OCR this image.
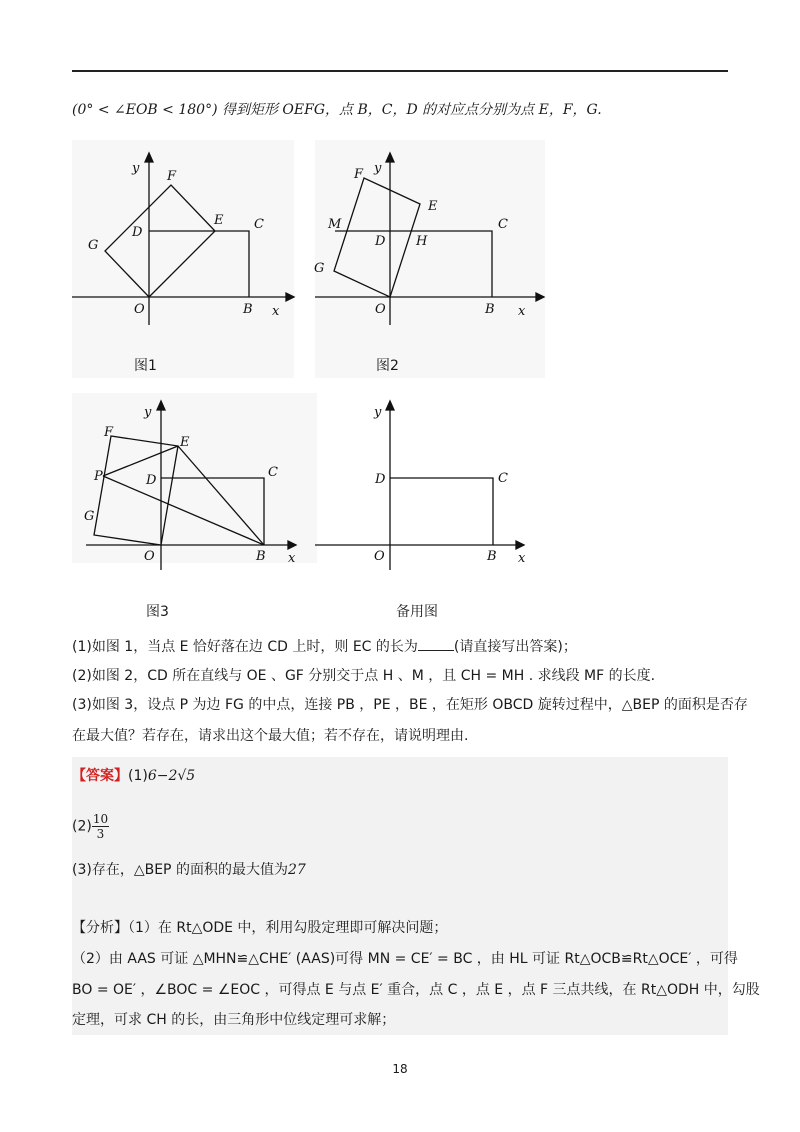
(0° < ∠EOB < 180°) 得到矩形 OEFG，点 B，C，D 的对应点分别为点 E，F，G.
y
x
O	B
C
D
E
F
G
y
x
O	B
C
D
E
F
G
M
H
y
x
O	B
C
D
E
F
G
P
y
x
O	B
C
D
图1	图2
图3	备用图
(1)如图 1，当点 E 恰好落在边 CD 上时，则 EC 的长为	(请直接写出答案)；
(2)如图 2，CD 所在直线与 OE 、GF 分别交于点 H 、M ，且 CH = MH . 求线段 MF 的长度.
(3)如图 3，设点 P 为边 FG 的中点，连接 PB ，PE ，BE ，在矩形 OBCD 旋转过程中，△BEP 的面积是否存
在最大值？若存在，请求出这个最大值；若不存在，请说明理由.
【答案】(1)6−2√5
$(2) \frac{10}{3}$
(3)存在，△BEP 的面积的最大值为27
【分析】（1）在 Rt△ODE 中，利用勾股定理即可解决问题；
（2）由 AAS 可证 △MHN≌△CHE′ (AAS)可得 MN = CE′ = BC ，由 HL 可证 Rt△OCB≌Rt△OCE′ ，可得
BO = OE′ ，∠BOC = ∠EOC ，可得点 E 与点 E′ 重合，点 C ，点 E ，点 F 三点共线，在 Rt△ODH 中，勾股
定理，可求 CH 的长，由三角形中位线定理可求解；
18
